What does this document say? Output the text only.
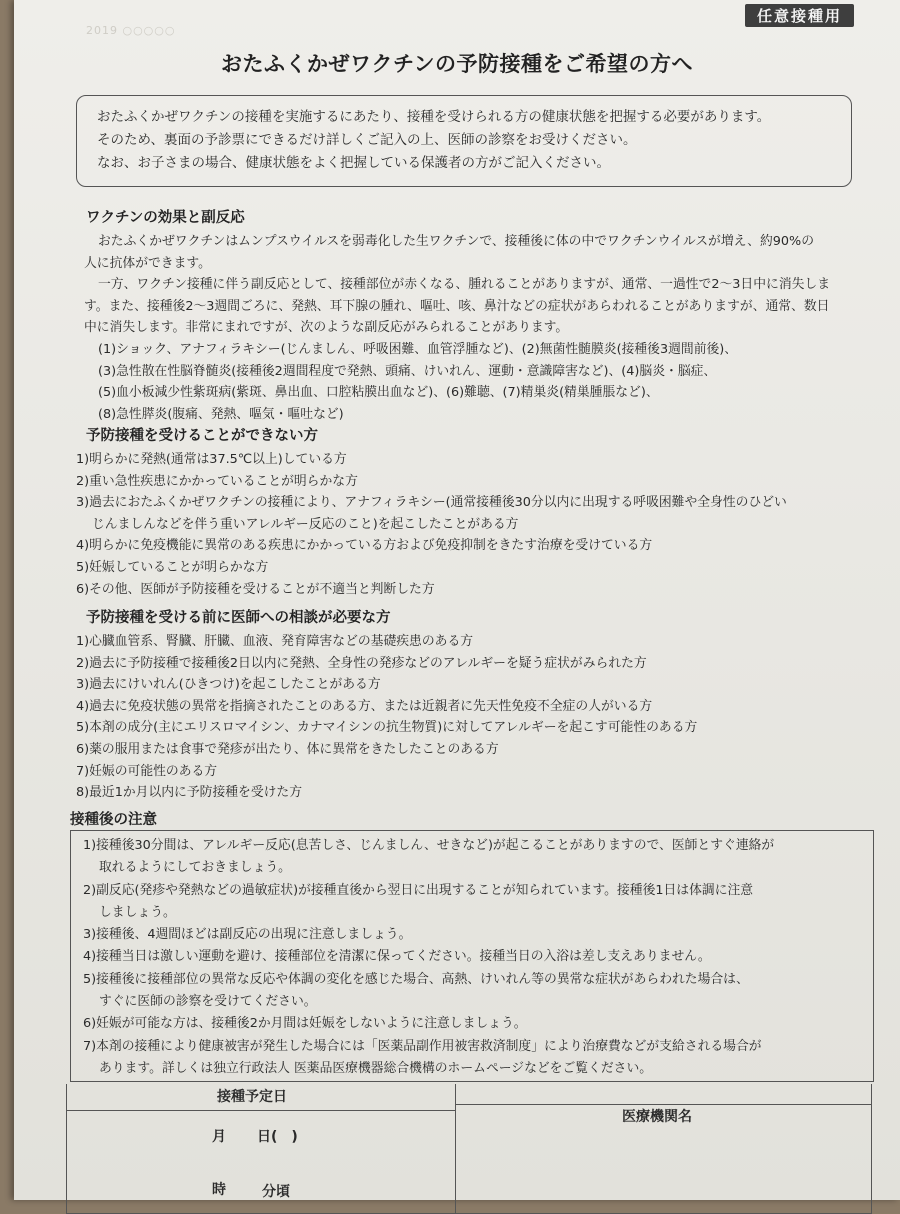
2019 ○○○○○
任意接種用
おたふくかぜワクチンの予防接種をご希望の方へ
おたふくかぜワクチンの接種を実施するにあたり、接種を受けられる方の健康状態を把握する必要があります。
そのため、裏面の予診票にできるだけ詳しくご記入の上、医師の診察をお受けください。
なお、お子さまの場合、健康状態をよく把握している保護者の方がご記入ください。
ワクチンの効果と副反応
おたふくかぜワクチンはムンプスウイルスを弱毒化した生ワクチンで、接種後に体の中でワクチンウイルスが増え、約90%の
人に抗体ができます。
一方、ワクチン接種に伴う副反応として、接種部位が赤くなる、腫れることがありますが、通常、一過性で2～3日中に消失しま
す。また、接種後2～3週間ごろに、発熱、耳下腺の腫れ、嘔吐、咳、鼻汁などの症状があらわれることがありますが、通常、数日
中に消失します。非常にまれですが、次のような副反応がみられることがあります。
(1)ショック、アナフィラキシー(じんましん、呼吸困難、血管浮腫など)、(2)無菌性髄膜炎(接種後3週間前後)、
(3)急性散在性脳脊髄炎(接種後2週間程度で発熱、頭痛、けいれん、運動・意識障害など)、(4)脳炎・脳症、
(5)血小板減少性紫斑病(紫斑、鼻出血、口腔粘膜出血など)、(6)難聴、(7)精巣炎(精巣腫脹など)、
(8)急性膵炎(腹痛、発熱、嘔気・嘔吐など)
予防接種を受けることができない方
1)明らかに発熱(通常は37.5℃以上)している方
2)重い急性疾患にかかっていることが明らかな方
3)過去におたふくかぜワクチンの接種により、アナフィラキシー(通常接種後30分以内に出現する呼吸困難や全身性のひどい
じんましんなどを伴う重いアレルギー反応のこと)を起こしたことがある方
4)明らかに免疫機能に異常のある疾患にかかっている方および免疫抑制をきたす治療を受けている方
5)妊娠していることが明らかな方
6)その他、医師が予防接種を受けることが不適当と判断した方
予防接種を受ける前に医師への相談が必要な方
1)心臓血管系、腎臓、肝臓、血液、発育障害などの基礎疾患のある方
2)過去に予防接種で接種後2日以内に発熱、全身性の発疹などのアレルギーを疑う症状がみられた方
3)過去にけいれん(ひきつけ)を起こしたことがある方
4)過去に免疫状態の異常を指摘されたことのある方、または近親者に先天性免疫不全症の人がいる方
5)本剤の成分(主にエリスロマイシン、カナマイシンの抗生物質)に対してアレルギーを起こす可能性のある方
6)薬の服用または食事で発疹が出たり、体に異常をきたしたことのある方
7)妊娠の可能性のある方
8)最近1か月以内に予防接種を受けた方
接種後の注意
1)接種後30分間は、アレルギー反応(息苦しさ、じんましん、せきなど)が起こることがありますので、医師とすぐ連絡が
取れるようにしておきましょう。
2)副反応(発疹や発熱などの過敏症状)が接種直後から翌日に出現することが知られています。接種後1日は体調に注意
しましょう。
3)接種後、4週間ほどは副反応の出現に注意しましょう。
4)接種当日は激しい運動を避け、接種部位を清潔に保ってください。接種当日の入浴は差し支えありません。
5)接種後に接種部位の異常な反応や体調の変化を感じた場合、高熱、けいれん等の異常な症状があらわれた場合は、
すぐに医師の診察を受けてください。
6)妊娠が可能な方は、接種後2か月間は妊娠をしないように注意しましょう。
7)本剤の接種により健康被害が発生した場合には「医薬品副作用被害救済制度」により治療費などが支給される場合が
あります。詳しくは独立行政法人 医薬品医療機器総合機構のホームページなどをご覧ください。
接種予定日
医療機関名
月 日(　)
時	分頃
